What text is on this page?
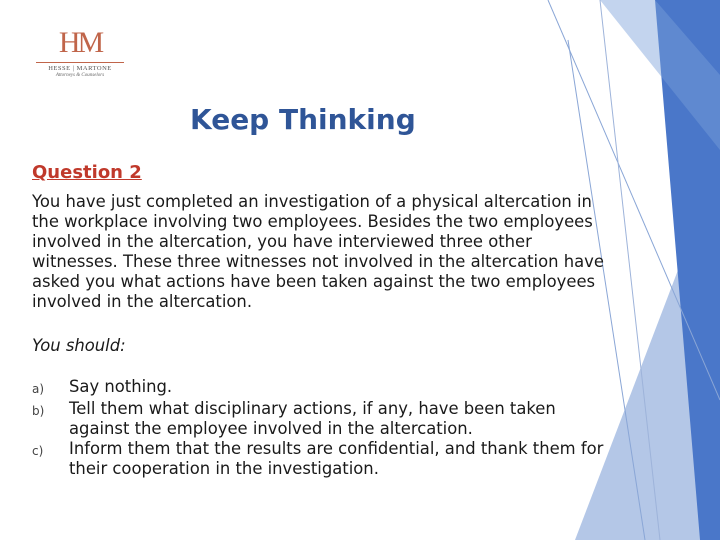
HM
HESSE | MARTONE
Attorneys & Counselors
Keep Thinking
Question 2

You have just completed an investigation of a physical altercation in the workplace involving two employees. Besides the two employees involved in the altercation, you have interviewed three other witnesses. These three witnesses not involved in the altercation have asked you what actions have been taken against the two employees involved in the altercation.

You should:
a)	Say nothing.
b)	Tell them what disciplinary actions, if any, have been taken against the employee involved in the altercation.
c)	Inform them that the results are confidential, and thank them for their cooperation in the investigation.
